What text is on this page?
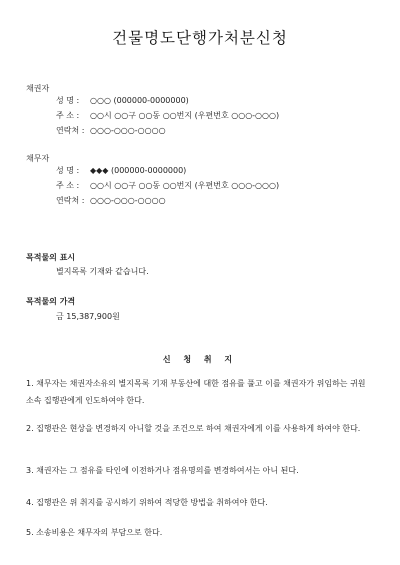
건물명도단행가처분신청
채권자
성 명 : ○○○ (000000-0000000)
주 소 : ○○시 ○○구 ○○동 ○○번지 (우편번호 ○○○-○○○)
연락처 : ○○○-○○○-○○○○
채무자
성 명 : ◆◆◆ (000000-0000000)
주 소 : ○○시 ○○구 ○○동 ○○번지 (우편번호 ○○○-○○○)
연락처 : ○○○-○○○-○○○○
목적물의 표시
별지목록 기재와 같습니다.
목적물의 가격
금 15,387,900원
신 청 취 지
1. 채무자는 채권자소유의 별지목록 기재 부동산에 대한 점유를 풀고 이를 채권자가 위임하는 귀원 소속 집행관에게 인도하여야 한다.
2. 집행관은 현상을 변경하지 아니할 것을 조건으로 하여 채권자에게 이를 사용하게 하여야 한다.
3. 채권자는 그 점유를 타인에 이전하거나 점유명의를 변경하여서는 아니 된다.
4. 집행관은 위 취지를 공시하기 위하여 적당한 방법을 취하여야 한다.
5. 소송비용은 채무자의 부담으로 한다.
